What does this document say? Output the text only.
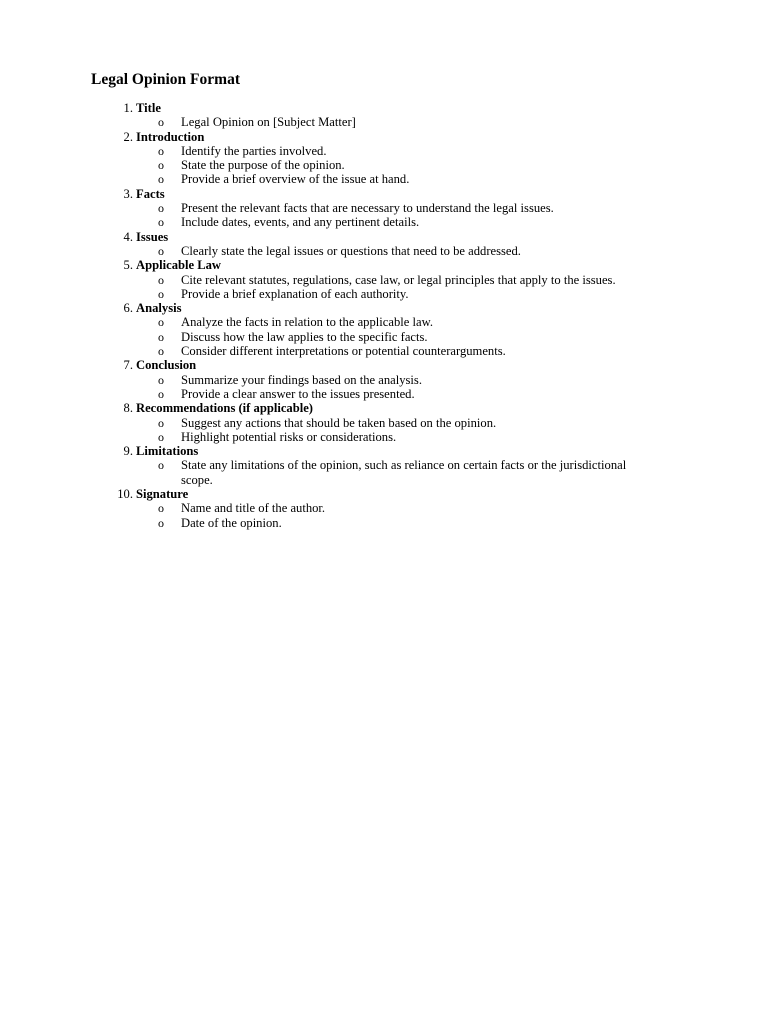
Legal Opinion Format
1. Title
o Legal Opinion on [Subject Matter]
2. Introduction
o Identify the parties involved.
o State the purpose of the opinion.
o Provide a brief overview of the issue at hand.
3. Facts
o Present the relevant facts that are necessary to understand the legal issues.
o Include dates, events, and any pertinent details.
4. Issues
o Clearly state the legal issues or questions that need to be addressed.
5. Applicable Law
o Cite relevant statutes, regulations, case law, or legal principles that apply to the issues.
o Provide a brief explanation of each authority.
6. Analysis
o Analyze the facts in relation to the applicable law.
o Discuss how the law applies to the specific facts.
o Consider different interpretations or potential counterarguments.
7. Conclusion
o Summarize your findings based on the analysis.
o Provide a clear answer to the issues presented.
8. Recommendations (if applicable)
o Suggest any actions that should be taken based on the opinion.
o Highlight potential risks or considerations.
9. Limitations
o State any limitations of the opinion, such as reliance on certain facts or the jurisdictional scope.
10. Signature
o Name and title of the author.
o Date of the opinion.
